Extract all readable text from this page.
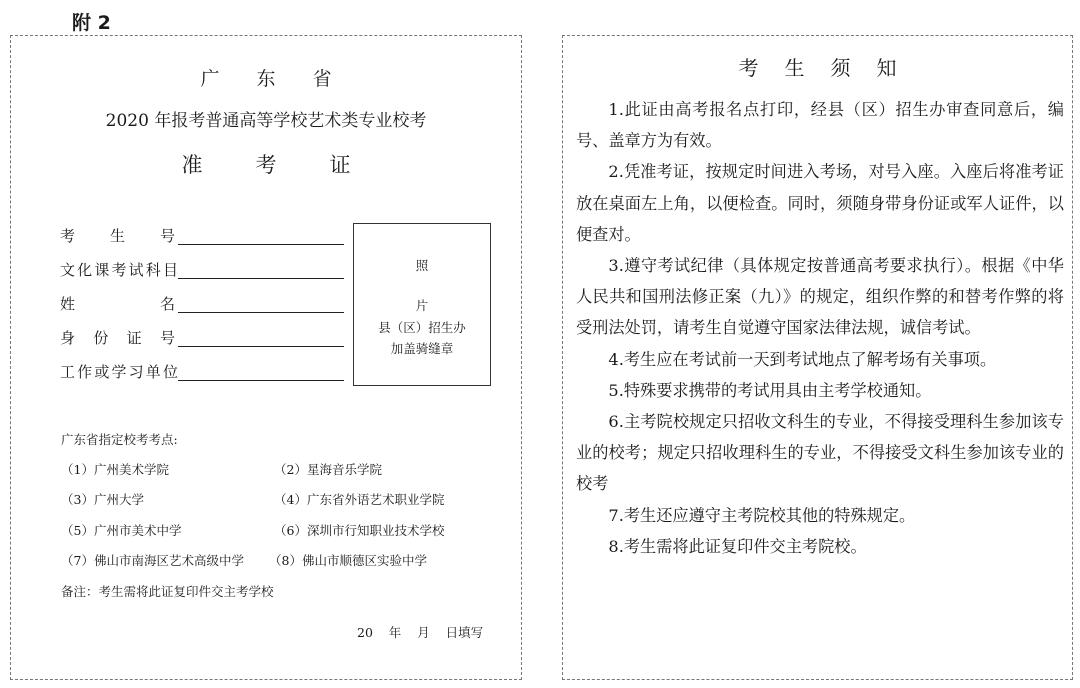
附 2
广 东 省
2020 年报考普通高等学校艺术类专业校考
准	考	证
考 生 号
文 化 课 考 试 科 目
姓	名
身 份 证 号
工 作 或 学 习 单 位
照
片
县（区）招生办
加盖骑缝章
广东省指定校考考点:
（1）广州美术学院	（2）星海音乐学院
（3）广州大学	（4）广东省外语艺术职业学院
（5）广州市美术中学	（6）深圳市行知职业技术学校
（7）佛山市南海区艺术高级中学 （8）佛山市顺德区实验中学
备注：考生需将此证复印件交主考学校
20    年    月    日填写
考 生 须 知

1.此证由高考报名点打印，经县（区）招生办审查同意后，编号、盖章方为有效。

2.凭准考证，按规定时间进入考场，对号入座。入座后将准考证放在桌面左上角，以便检查。同时，须随身带身份证或军人证件，以便查对。

3.遵守考试纪律（具体规定按普通高考要求执行）。根据《中华人民共和国刑法修正案（九）》的规定，组织作弊的和替考作弊的将受刑法处罚，请考生自觉遵守国家法律法规，诚信考试。

4.考生应在考试前一天到考试地点了解考场有关事项。

5.特殊要求携带的考试用具由主考学校通知。

6.主考院校规定只招收文科生的专业，不得接受理科生参加该专业的校考；规定只招收理科生的专业，不得接受文科生参加该专业的校考

7.考生还应遵守主考院校其他的特殊规定。

8.考生需将此证复印件交主考院校。
